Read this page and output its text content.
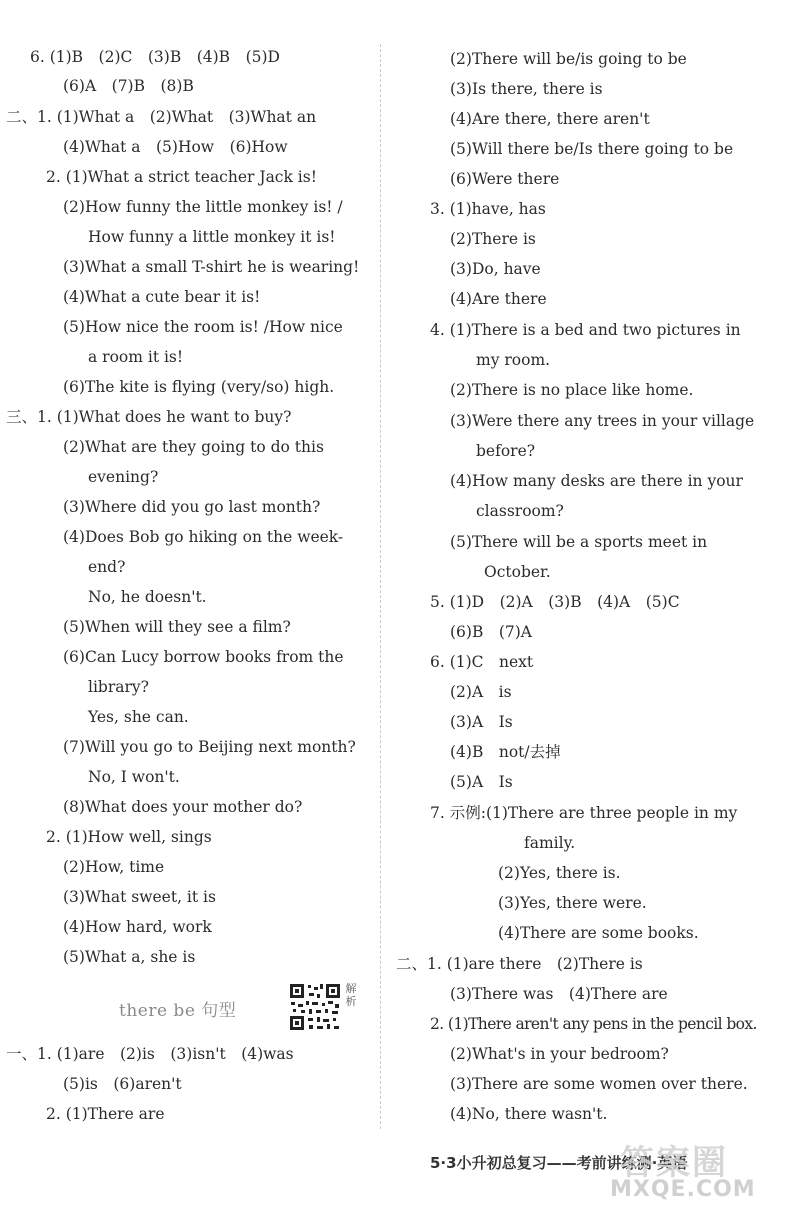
6. (1)B　(2)C　(3)B　(4)B　(5)D
(6)A　(7)B　(8)B
二、1. (1)What a　(2)What　(3)What an
(4)What a　(5)How　(6)How
2. (1)What a strict teacher Jack is!
(2)How funny the little monkey is! /
How funny a little monkey it is!
(3)What a small T-shirt he is wearing!
(4)What a cute bear it is!
(5)How nice the room is! /How nice
a room it is!
(6)The kite is flying (very/so) high.
三、1. (1)What does he want to buy?
(2)What are they going to do this
evening?
(3)Where did you go last month?
(4)Does Bob go hiking on the week-
end?
No, he doesn't.
(5)When will they see a film?
(6)Can Lucy borrow books from the
library?
Yes, she can.
(7)Will you go to Beijing next month?
No, I won't.
(8)What does your mother do?
2. (1)How well, sings
(2)How, time
(3)What sweet, it is
(4)How hard, work
(5)What a, she is
there be 句型
解析
一、1. (1)are　(2)is　(3)isn't　(4)was
(5)is　(6)aren't
2. (1)There are
(2)There will be/is going to be
(3)Is there, there is
(4)Are there, there aren't
(5)Will there be/Is there going to be
(6)Were there
3. (1)have, has
(2)There is
(3)Do, have
(4)Are there
4. (1)There is a bed and two pictures in
my room.
(2)There is no place like home.
(3)Were there any trees in your village
before?
(4)How many desks are there in your
classroom?
(5)There will be a sports meet in
October.
5. (1)D　(2)A　(3)B　(4)A　(5)C
(6)B　(7)A
6. (1)C　next
(2)A　is
(3)A　Is
(4)B　not/去掉
(5)A　Is
7. 示例:(1)There are three people in my
family.
(2)Yes, there is.
(3)Yes, there were.
(4)There are some books.
二、1. (1)are there　(2)There is
(3)There was　(4)There are
2. (1)There aren't any pens in the pencil box.
(2)What's in your bedroom?
(3)There are some women over there.
(4)No, there wasn't.
5·3小升初总复习——考前讲练测·英语
答案圈
MXQE.COM
